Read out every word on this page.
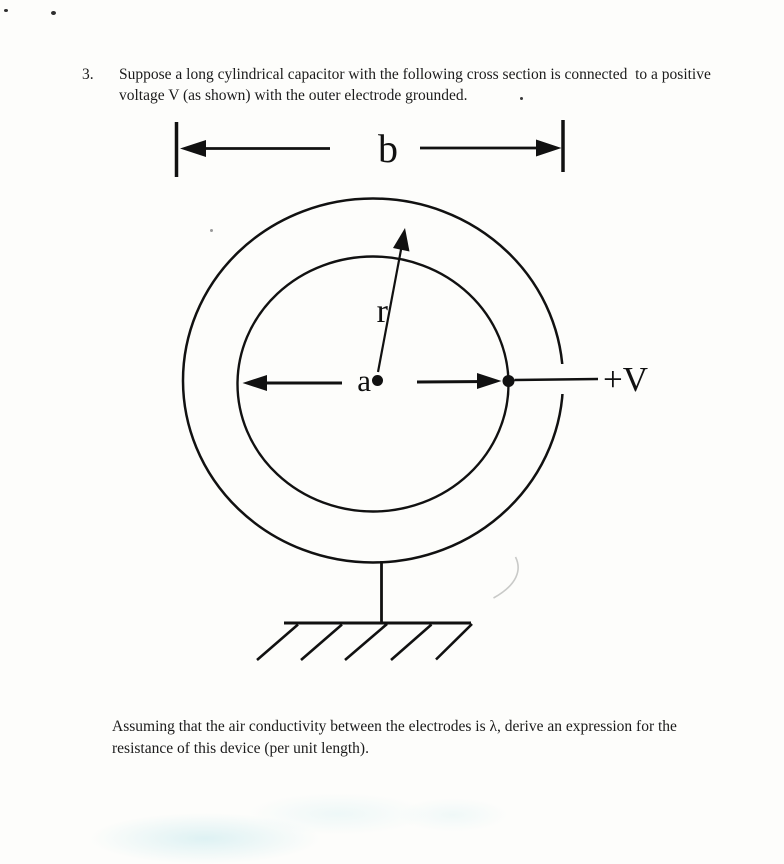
3. Suppose a long cylindrical capacitor with the following cross section is connected  to a positive
voltage V (as shown) with the outer electrode grounded.
b
r
a	+V
Assuming that the air conductivity between the electrodes is λ, derive an expression for the
resistance of this device (per unit length).
